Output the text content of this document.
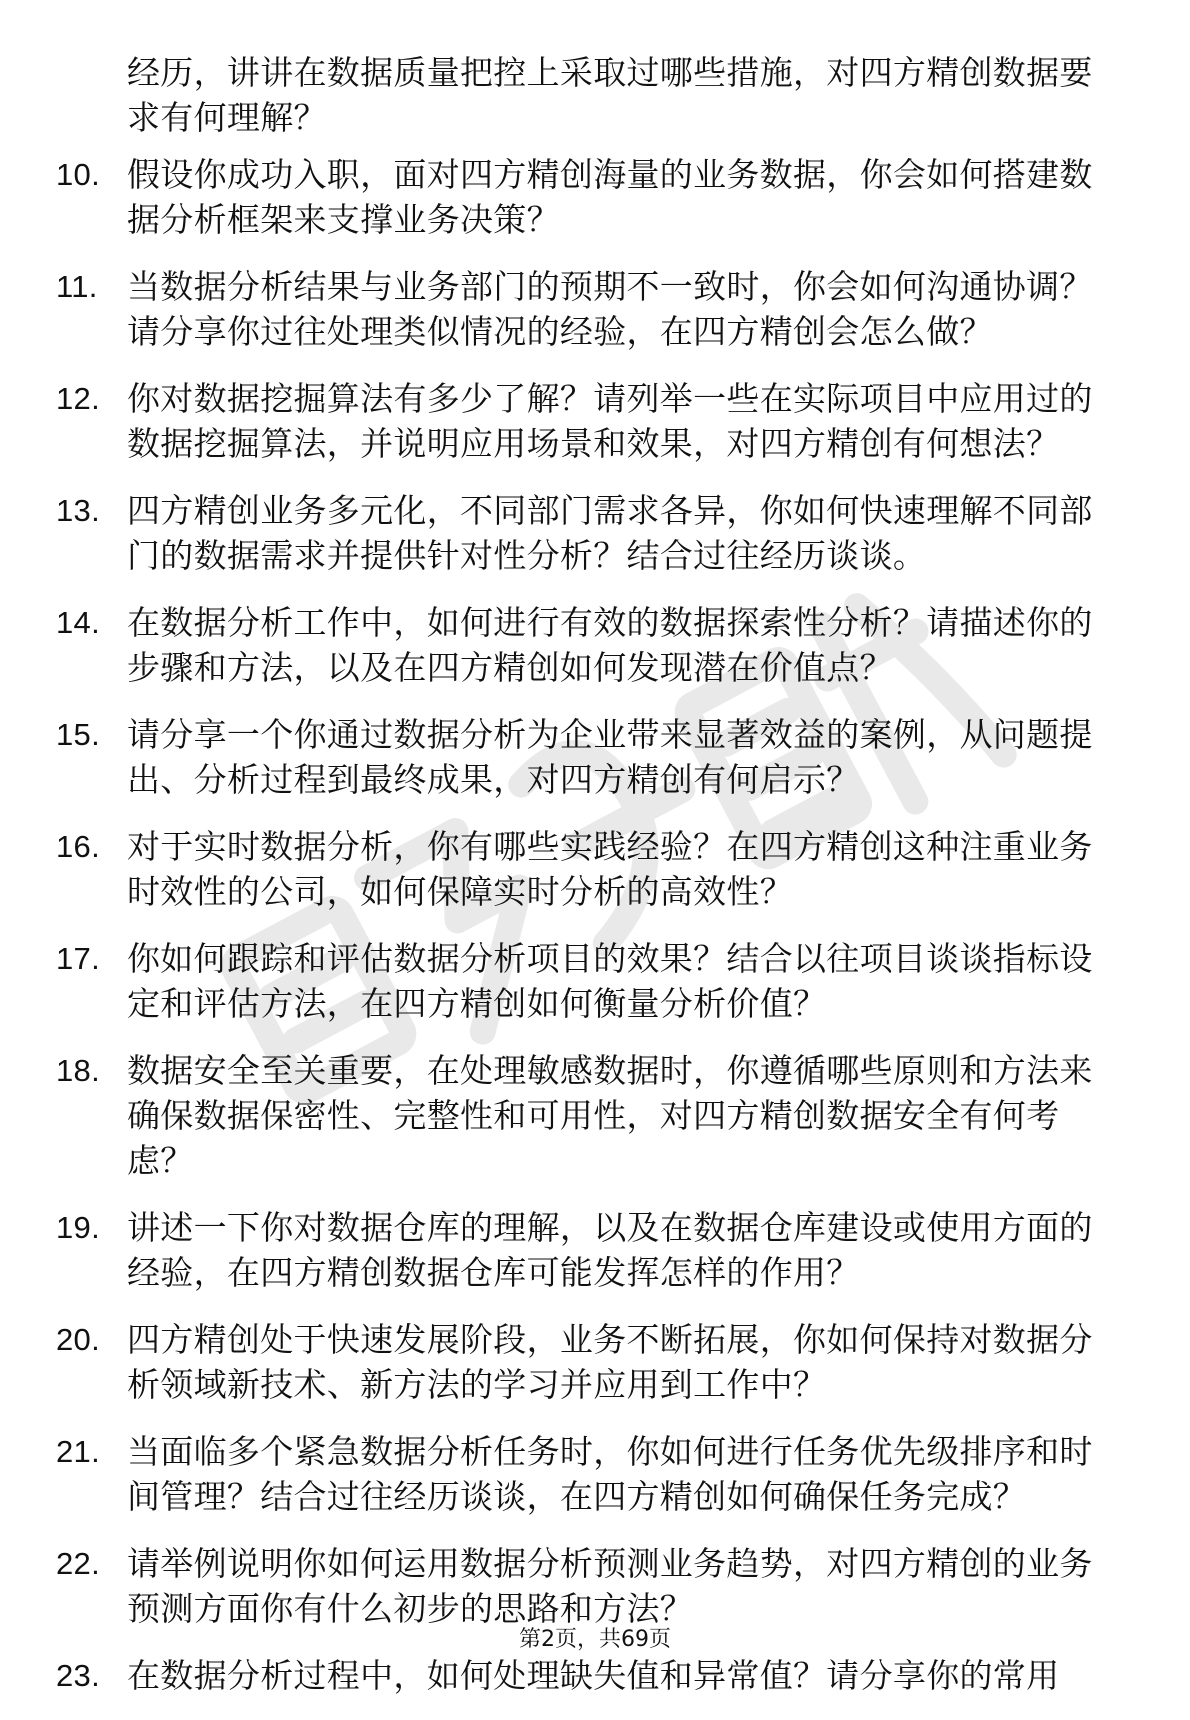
经历，讲讲在数据质量把控上采取过哪些措施，对四方精创数据要求有何理解？
10. 假设你成功入职，面对四方精创海量的业务数据，你会如何搭建数据分析框架来支撑业务决策？
11. 当数据分析结果与业务部门的预期不一致时，你会如何沟通协调？请分享你过往处理类似情况的经验，在四方精创会怎么做？
12. 你对数据挖掘算法有多少了解？请列举一些在实际项目中应用过的数据挖掘算法，并说明应用场景和效果，对四方精创有何想法？
13. 四方精创业务多元化，不同部门需求各异，你如何快速理解不同部门的数据需求并提供针对性分析？结合过往经历谈谈。
14. 在数据分析工作中，如何进行有效的数据探索性分析？请描述你的步骤和方法，以及在四方精创如何发现潜在价值点？
15. 请分享一个你通过数据分析为企业带来显著效益的案例，从问题提出、分析过程到最终成果，对四方精创有何启示？
16. 对于实时数据分析，你有哪些实践经验？在四方精创这种注重业务时效性的公司，如何保障实时分析的高效性？
17. 你如何跟踪和评估数据分析项目的效果？结合以往项目谈谈指标设定和评估方法，在四方精创如何衡量分析价值？
18. 数据安全至关重要，在处理敏感数据时，你遵循哪些原则和方法来确保数据保密性、完整性和可用性，对四方精创数据安全有何考虑？
19. 讲述一下你对数据仓库的理解，以及在数据仓库建设或使用方面的经验，在四方精创数据仓库可能发挥怎样的作用？
20. 四方精创处于快速发展阶段，业务不断拓展，你如何保持对数据分析领域新技术、新方法的学习并应用到工作中？
21. 当面临多个紧急数据分析任务时，你如何进行任务优先级排序和时间管理？结合过往经历谈谈，在四方精创如何确保任务完成？
22. 请举例说明你如何运用数据分析预测业务趋势，对四方精创的业务预测方面你有什么初步的思路和方法？
23. 在数据分析过程中，如何处理缺失值和异常值？请分享你的常用
第2页，共69页
